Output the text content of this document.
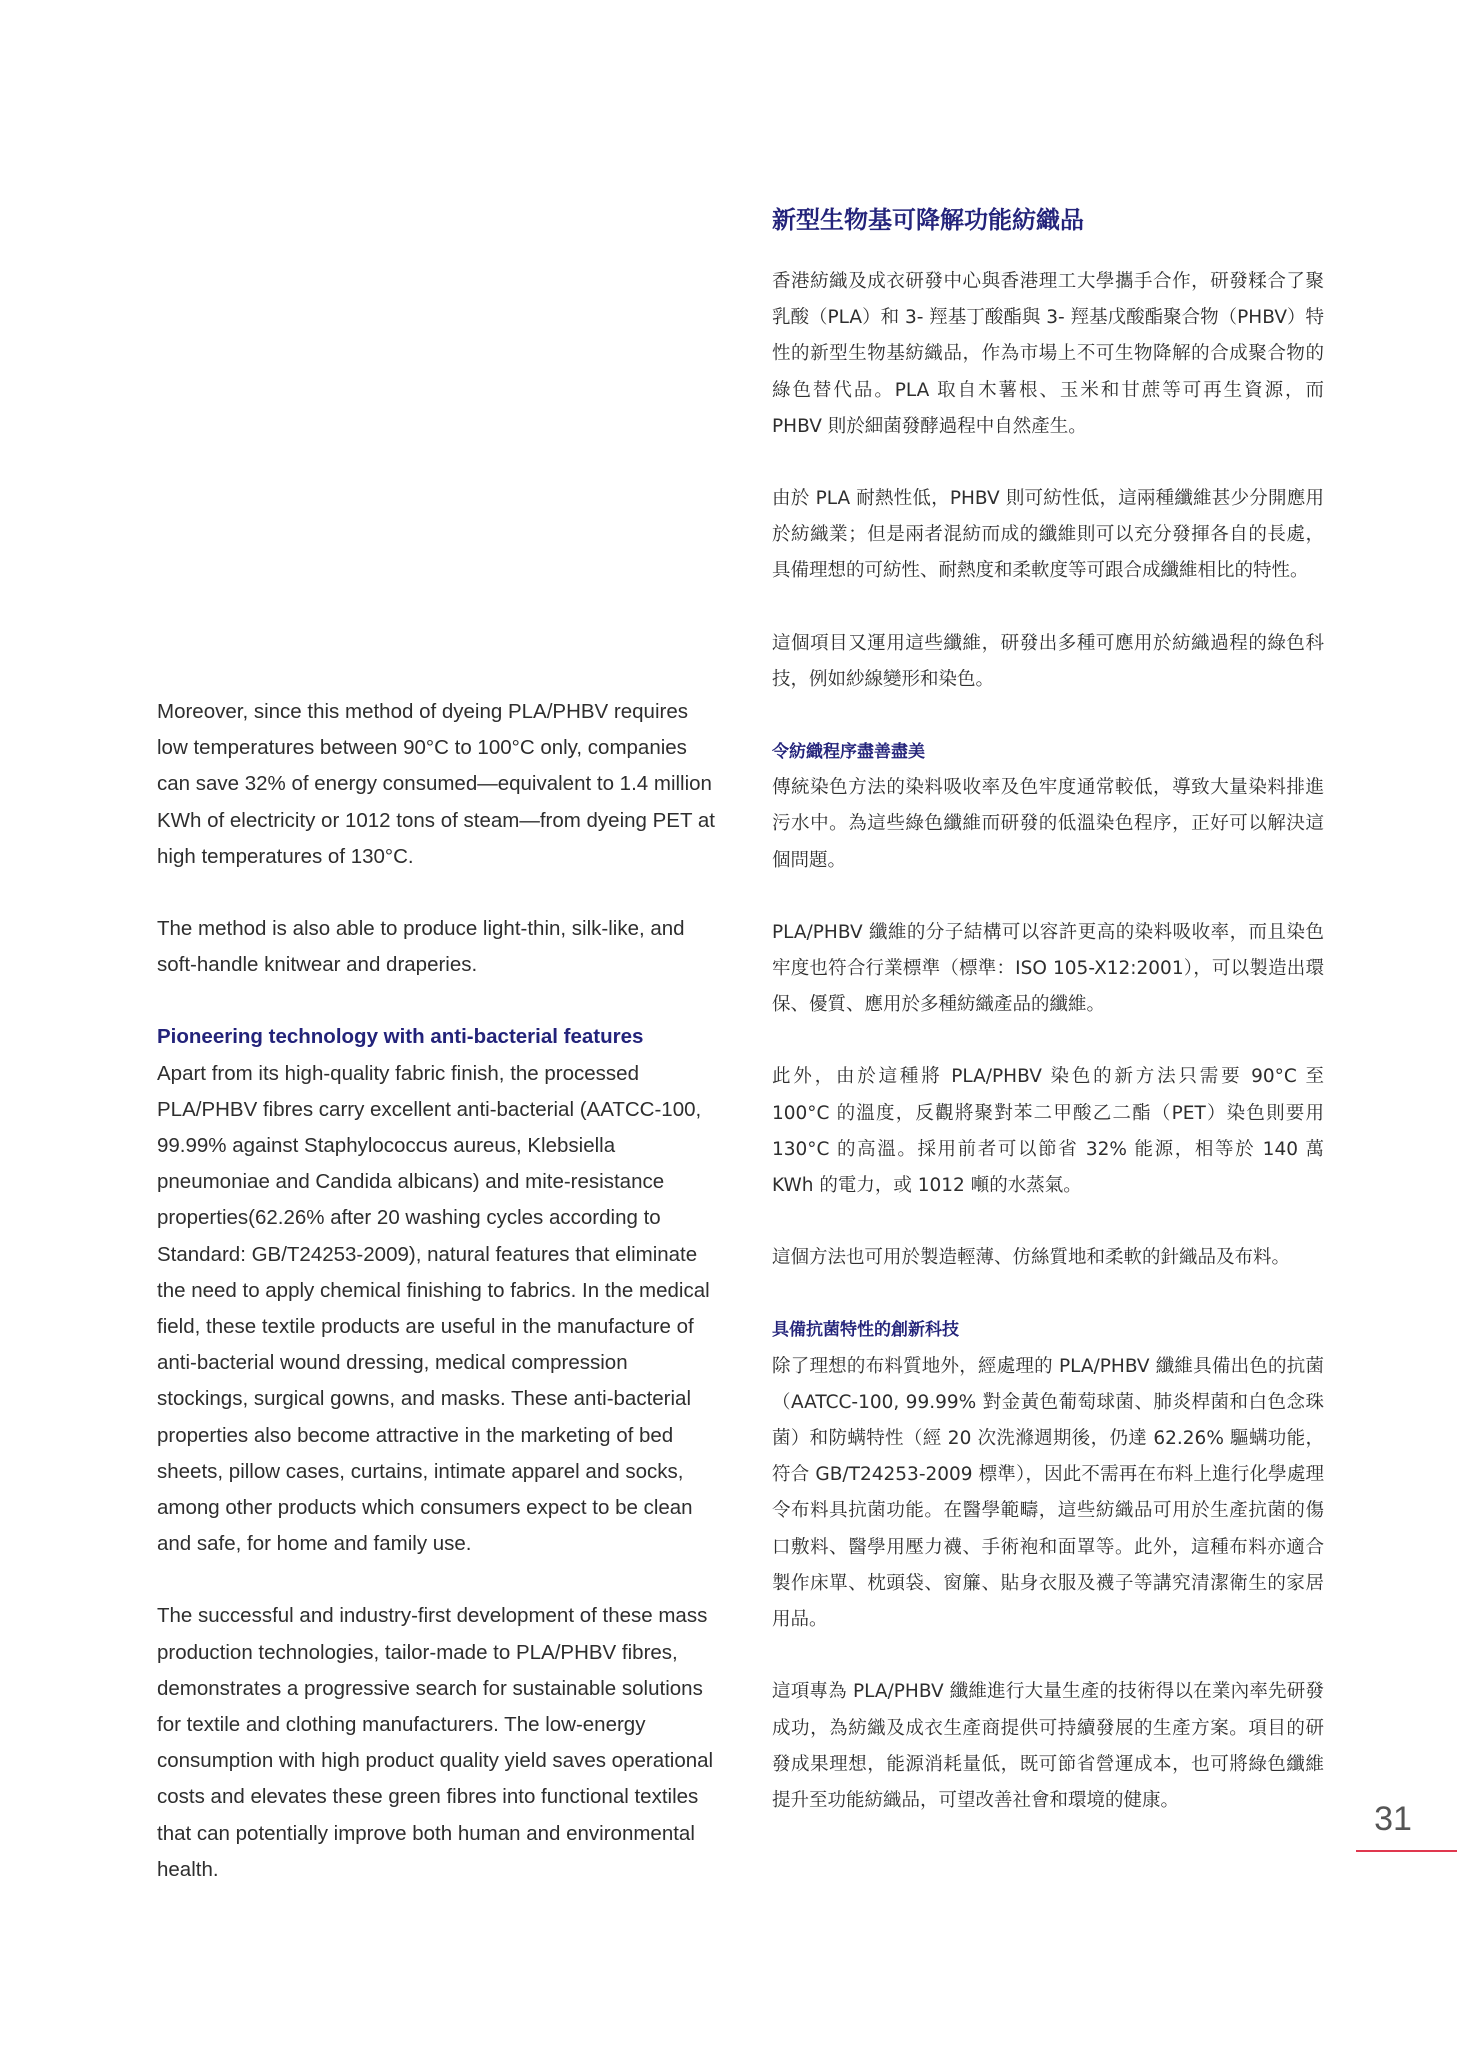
Moreover, since this method of dyeing PLA/PHBV requires low temperatures between 90°C to 100°C only, companies can save 32% of energy consumed—equivalent to 1.4 million KWh of electricity or 1012 tons of steam—from dyeing PET at high temperatures of 130°C.

The method is also able to produce light-thin, silk-like, and soft-handle knitwear and draperies.

Pioneering technology with anti-bacterial features

Apart from its high-quality fabric finish, the processed PLA/PHBV fibres carry excellent anti-bacterial (AATCC-100, 99.99% against Staphylococcus aureus, Klebsiella pneumoniae and Candida albicans) and mite-resistance properties(62.26% after 20 washing cycles according to Standard: GB/T24253-2009), natural features that eliminate the need to apply chemical finishing to fabrics. In the medical field, these textile products are useful in the manufacture of anti-bacterial wound dressing, medical compression stockings, surgical gowns, and masks. These anti-bacterial properties also become attractive in the marketing of bed sheets, pillow cases, curtains, intimate apparel and socks, among other products which consumers expect to be clean and safe, for home and family use.

The successful and industry-first development of these mass production technologies, tailor-made to PLA/PHBV fibres, demonstrates a progressive search for sustainable solutions for textile and clothing manufacturers. The low-energy consumption with high product quality yield saves operational costs and elevates these green fibres into functional textiles that can potentially improve both human and environmental health.

新型生物基可降解功能紡織品

香港紡織及成衣研發中心與香港理工大學攜手合作，研發糅合了聚乳酸（PLA）和 3- 羥基丁酸酯與 3- 羥基戊酸酯聚合物（PHBV）特性的新型生物基紡織品，作為市場上不可生物降解的合成聚合物的綠色替代品。PLA 取自木薯根、玉米和甘蔗等可再生資源，而 PHBV 則於細菌發酵過程中自然產生。

由於 PLA 耐熱性低，PHBV 則可紡性低，這兩種纖維甚少分開應用於紡織業；但是兩者混紡而成的纖維則可以充分發揮各自的長處，具備理想的可紡性、耐熱度和柔軟度等可跟合成纖維相比的特性。

這個項目又運用這些纖維，研發出多種可應用於紡織過程的綠色科技，例如紗線變形和染色。

令紡織程序盡善盡美

傳統染色方法的染料吸收率及色牢度通常較低，導致大量染料排進污水中。為這些綠色纖維而研發的低溫染色程序，正好可以解決這個問題。

PLA/PHBV 纖維的分子結構可以容許更高的染料吸收率，而且染色牢度也符合行業標準（標準：ISO 105-X12:2001），可以製造出環保、優質、應用於多種紡織產品的纖維。

此外，由於這種將 PLA/PHBV 染色的新方法只需要 90°C 至 100°C 的溫度，反觀將聚對苯二甲酸乙二酯（PET）染色則要用 130°C 的高溫。採用前者可以節省 32% 能源，相等於 140 萬 KWh 的電力，或 1012 噸的水蒸氣。

這個方法也可用於製造輕薄、仿絲質地和柔軟的針織品及布料。

具備抗菌特性的創新科技

除了理想的布料質地外，經處理的 PLA/PHBV 纖維具備出色的抗菌（AATCC-100, 99.99% 對金黃色葡萄球菌、肺炎桿菌和白色念珠菌）和防螨特性（經 20 次洗滌週期後，仍達 62.26% 驅螨功能，符合 GB/T24253-2009 標準），因此不需再在布料上進行化學處理令布料具抗菌功能。在醫學範疇，這些紡織品可用於生產抗菌的傷口敷料、醫學用壓力襪、手術袍和面罩等。此外，這種布料亦適合製作床單、枕頭袋、窗簾、貼身衣服及襪子等講究清潔衛生的家居用品。

這項專為 PLA/PHBV 纖維進行大量生產的技術得以在業內率先研發成功，為紡織及成衣生產商提供可持續發展的生產方案。項目的研發成果理想，能源消耗量低，既可節省營運成本，也可將綠色纖維提升至功能紡織品，可望改善社會和環境的健康。	31
